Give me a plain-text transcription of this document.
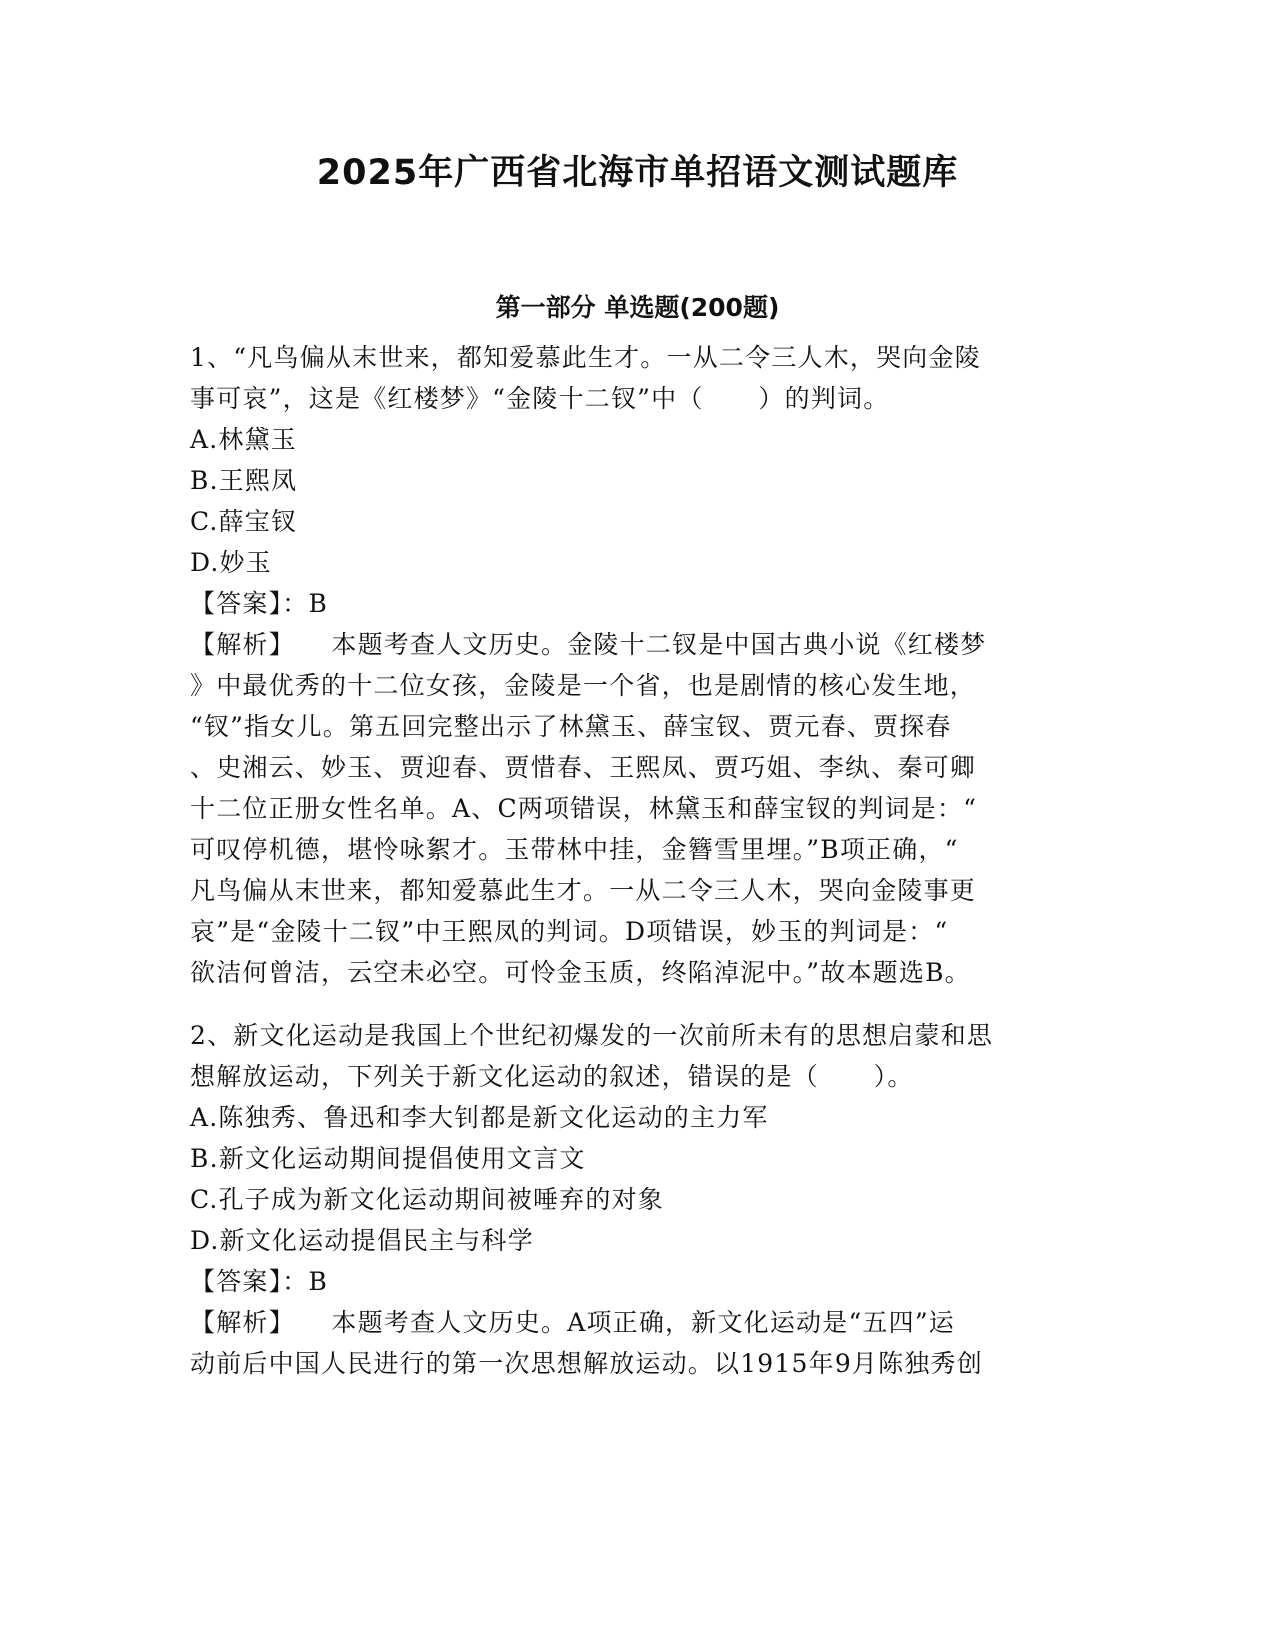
2025年广西省北海市单招语文测试题库
第一部分 单选题(200题)
1、“凡鸟偏从末世来，都知爱慕此生才。一从二令三人木，哭向金陵
事可哀”，这是《红楼梦》“金陵十二钗”中（      ）的判词。
A.林黛玉
B.王熙凤
C.薛宝钗
D.妙玉
【答案】：B
【解析】    本题考查人文历史。金陵十二钗是中国古典小说《红楼梦
》中最优秀的十二位女孩，金陵是一个省，也是剧情的核心发生地，
“钗”指女儿。第五回完整出示了林黛玉、薛宝钗、贾元春、贾探春
、史湘云、妙玉、贾迎春、贾惜春、王熙凤、贾巧姐、李纨、秦可卿
十二位正册女性名单。A、C两项错误，林黛玉和薛宝钗的判词是：“
可叹停机德，堪怜咏絮才。玉带林中挂，金簪雪里埋。”B项正确，“
凡鸟偏从末世来，都知爱慕此生才。一从二令三人木，哭向金陵事更
哀”是“金陵十二钗”中王熙凤的判词。D项错误，妙玉的判词是：“
欲洁何曾洁，云空未必空。可怜金玉质，终陷淖泥中。”故本题选B。
2、新文化运动是我国上个世纪初爆发的一次前所未有的思想启蒙和思
想解放运动，下列关于新文化运动的叙述，错误的是（      ）。
A.陈独秀、鲁迅和李大钊都是新文化运动的主力军
B.新文化运动期间提倡使用文言文
C.孔子成为新文化运动期间被唾弃的对象
D.新文化运动提倡民主与科学
【答案】：B
【解析】    本题考查人文历史。A项正确，新文化运动是“五四”运
动前后中国人民进行的第一次思想解放运动。以1915年9月陈独秀创
